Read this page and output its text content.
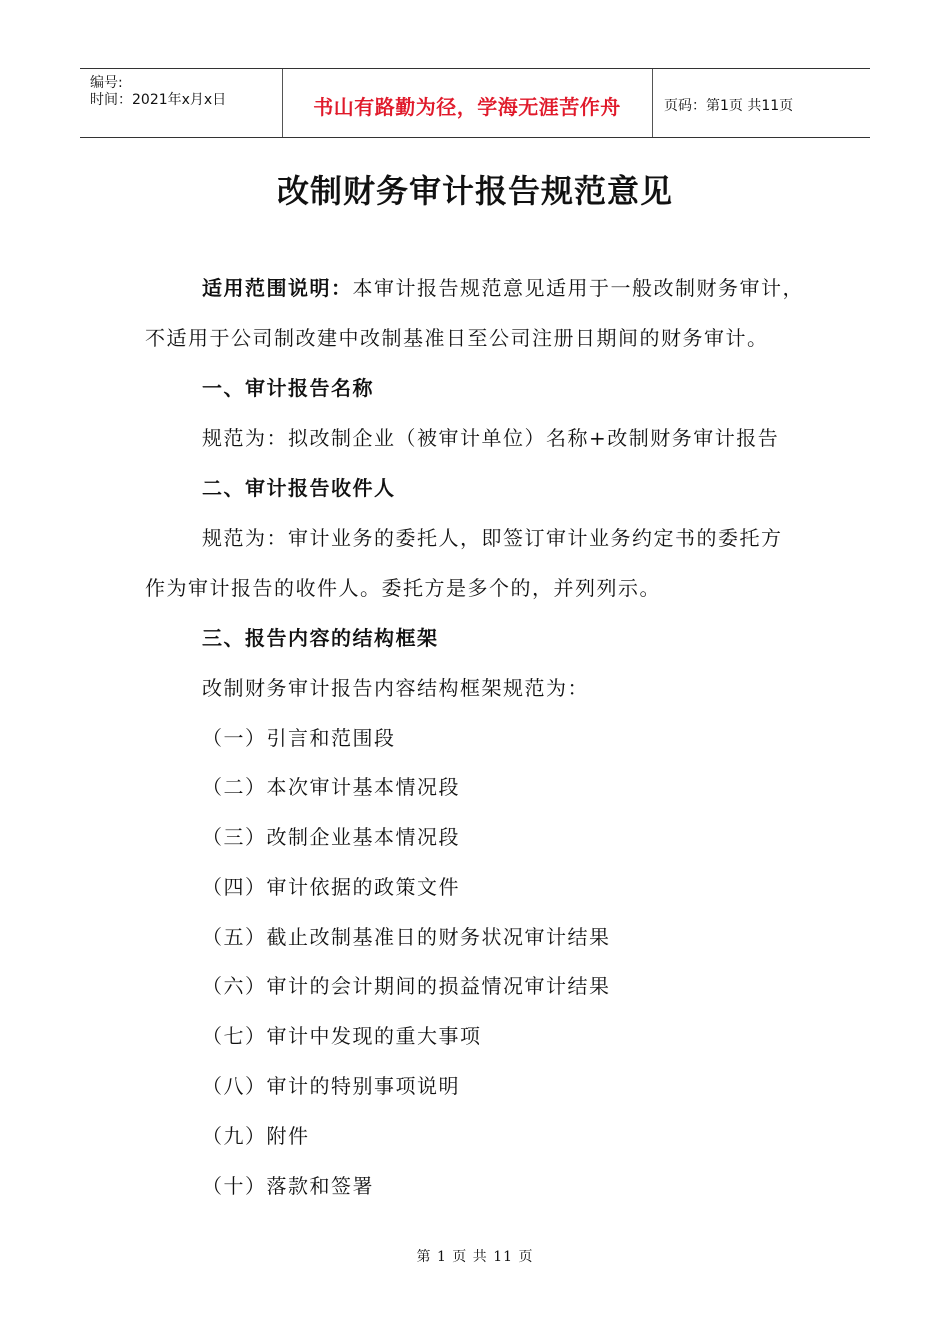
编号:
时间：2021年x月x日	书山有路勤为径，学海无涯苦作舟	页码：第1页 共11页
改制财务审计报告规范意见
适用范围说明：本审计报告规范意见适用于一般改制财务审计，
不适用于公司制改建中改制基准日至公司注册日期间的财务审计。
一、审计报告名称
规范为：拟改制企业（被审计单位）名称+改制财务审计报告
二、审计报告收件人
规范为：审计业务的委托人，即签订审计业务约定书的委托方
作为审计报告的收件人。委托方是多个的，并列列示。
三、报告内容的结构框架
改制财务审计报告内容结构框架规范为：
（一）引言和范围段
（二）本次审计基本情况段
（三）改制企业基本情况段
（四）审计依据的政策文件
（五）截止改制基准日的财务状况审计结果
（六）审计的会计期间的损益情况审计结果
（七）审计中发现的重大事项
（八）审计的特别事项说明
（九）附件
（十）落款和签署
第 1 页 共 11 页
